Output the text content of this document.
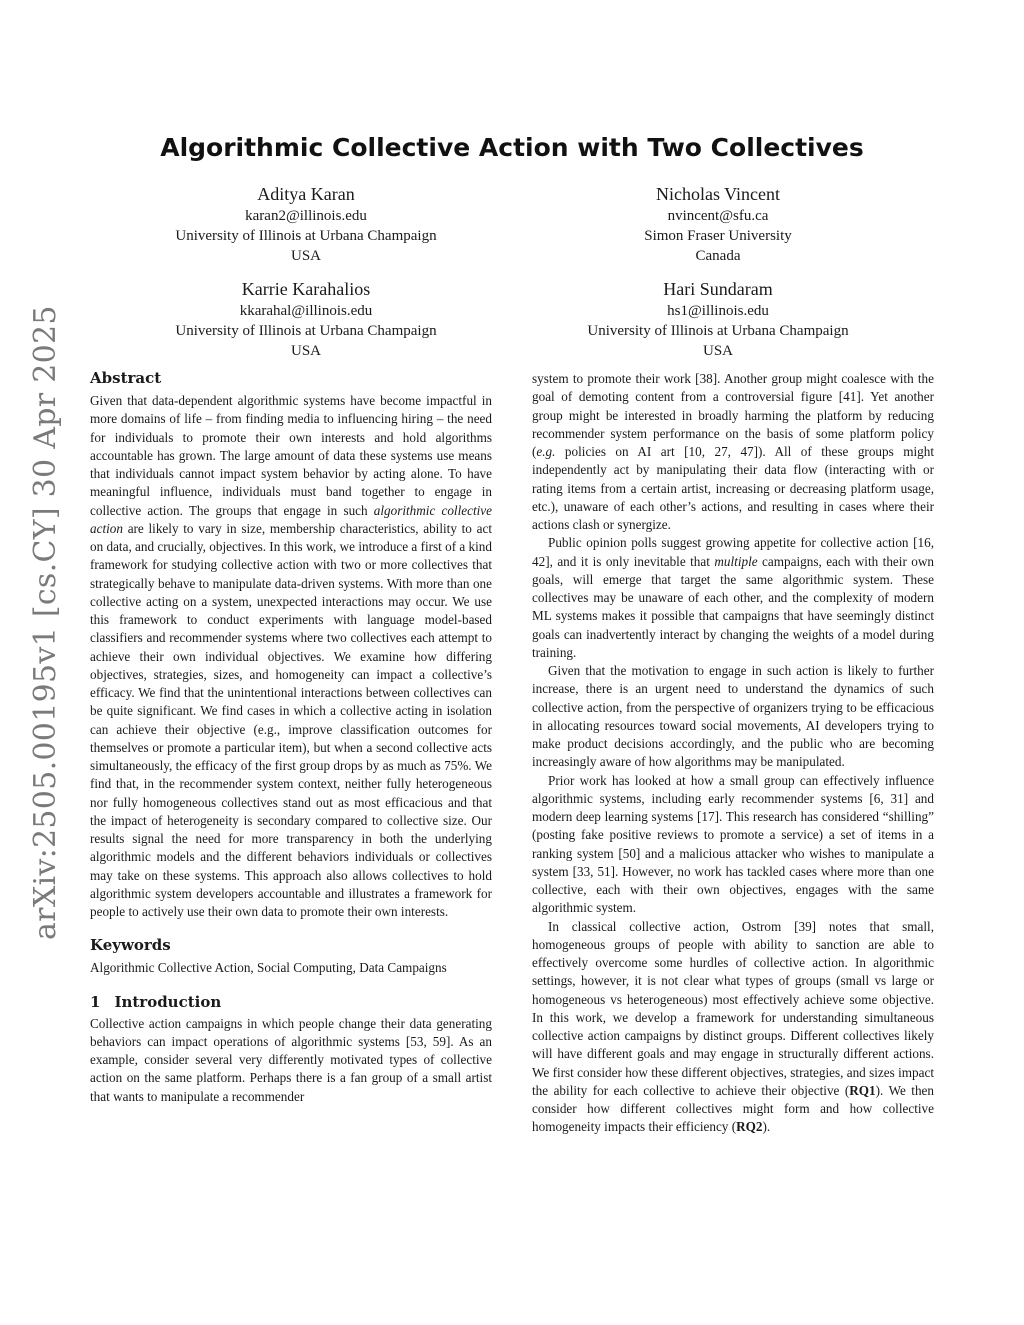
arXiv:2505.00195v1 [cs.CY] 30 Apr 2025
Algorithmic Collective Action with Two Collectives
Aditya Karan
karan2@illinois.edu
University of Illinois at Urbana Champaign
USA
Nicholas Vincent
nvincent@sfu.ca
Simon Fraser University
Canada
Karrie Karahalios
kkarahal@illinois.edu
University of Illinois at Urbana Champaign
USA
Hari Sundaram
hs1@illinois.edu
University of Illinois at Urbana Champaign
USA
Abstract

Given that data-dependent algorithmic systems have become impactful in more domains of life – from finding media to influencing hiring – the need for individuals to promote their own interests and hold algorithms accountable has grown. The large amount of data these systems use means that individuals cannot impact system behavior by acting alone. To have meaningful influence, individuals must band together to engage in collective action. The groups that engage in such algorithmic collective action are likely to vary in size, membership characteristics, ability to act on data, and crucially, objectives. In this work, we introduce a first of a kind framework for studying collective action with two or more collectives that strategically behave to manipulate data-driven systems. With more than one collective acting on a system, unexpected interactions may occur. We use this framework to conduct experiments with language model-based classifiers and recommender systems where two collectives each attempt to achieve their own individual objectives. We examine how differing objectives, strategies, sizes, and homogeneity can impact a collective’s efficacy. We find that the unintentional interactions between collectives can be quite significant. We find cases in which a collective acting in isolation can achieve their objective (e.g., improve classification outcomes for themselves or promote a particular item), but when a second collective acts simultaneously, the efficacy of the first group drops by as much as 75%. We find that, in the recommender system context, neither fully heterogeneous nor fully homogeneous collectives stand out as most efficacious and that the impact of heterogeneity is secondary compared to collective size. Our results signal the need for more transparency in both the underlying algorithmic models and the different behaviors individuals or collectives may take on these systems. This approach also allows collectives to hold algorithmic system developers accountable and illustrates a framework for people to actively use their own data to promote their own interests.

Keywords

Algorithmic Collective Action, Social Computing, Data Campaigns

1 Introduction

Collective action campaigns in which people change their data generating behaviors can impact operations of algorithmic systems [53, 59]. As an example, consider several very differently motivated types of collective action on the same platform. Perhaps there is a fan group of a small artist that wants to manipulate a recommender

system to promote their work [38]. Another group might coalesce with the goal of demoting content from a controversial figure [41]. Yet another group might be interested in broadly harming the platform by reducing recommender system performance on the basis of some platform policy (e.g. policies on AI art [10, 27, 47]). All of these groups might independently act by manipulating their data flow (interacting with or rating items from a certain artist, increasing or decreasing platform usage, etc.), unaware of each other’s actions, and resulting in cases where their actions clash or synergize.

Public opinion polls suggest growing appetite for collective action [16, 42], and it is only inevitable that multiple campaigns, each with their own goals, will emerge that target the same algorithmic system. These collectives may be unaware of each other, and the complexity of modern ML systems makes it possible that campaigns that have seemingly distinct goals can inadvertently interact by changing the weights of a model during training.

Given that the motivation to engage in such action is likely to further increase, there is an urgent need to understand the dynamics of such collective action, from the perspective of organizers trying to be efficacious in allocating resources toward social movements, AI developers trying to make product decisions accordingly, and the public who are becoming increasingly aware of how algorithms may be manipulated.

Prior work has looked at how a small group can effectively influence algorithmic systems, including early recommender systems [6, 31] and modern deep learning systems [17]. This research has considered “shilling” (posting fake positive reviews to promote a service) a set of items in a ranking system [50] and a malicious attacker who wishes to manipulate a system [33, 51]. However, no work has tackled cases where more than one collective, each with their own objectives, engages with the same algorithmic system.

In classical collective action, Ostrom [39] notes that small, homogeneous groups of people with ability to sanction are able to effectively overcome some hurdles of collective action. In algorithmic settings, however, it is not clear what types of groups (small vs large or homogeneous vs heterogeneous) most effectively achieve some objective. In this work, we develop a framework for understanding simultaneous collective action campaigns by distinct groups. Different collectives likely will have different goals and may engage in structurally different actions. We first consider how these different objectives, strategies, and sizes impact the ability for each collective to achieve their objective (RQ1). We then consider how different collectives might form and how collective homogeneity impacts their efficiency (RQ2).
